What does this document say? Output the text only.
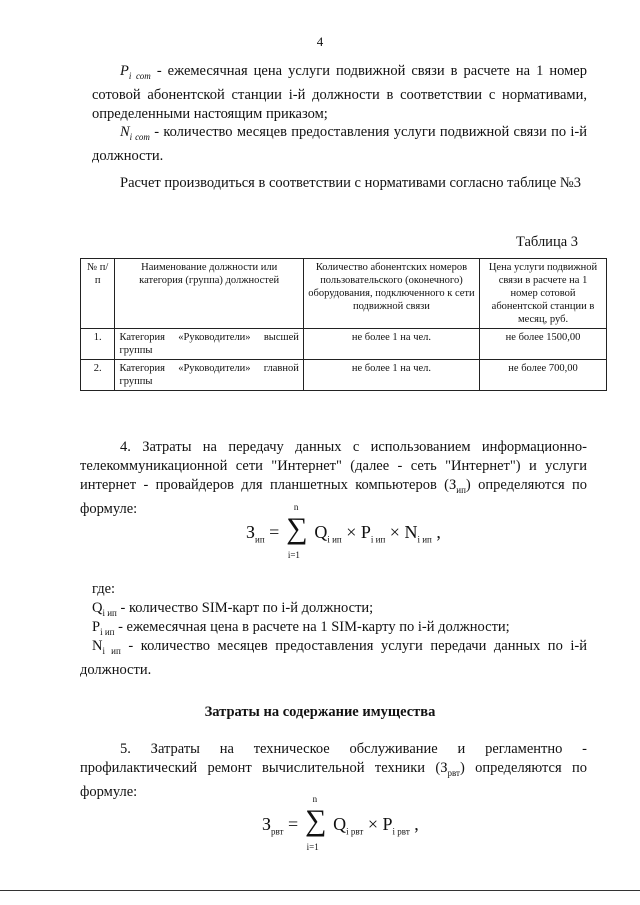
4
$P_{i сот}$ - ежемесячная цена услуги подвижной связи в расчете на 1 номер сотовой абонентской станции i-й должности в соответствии с нормативами, определенными настоящим приказом;
$N_{i сот}$ - количество месяцев предоставления услуги подвижной связи по i-й должности.
Расчет производиться в соответствии с нормативами согласно таблице №3
Таблица 3
№ п/п	Наименование должности или категория (группа) должностей	Количество абонентских номеров пользовательского (оконечного) оборудования, подключенного к сети подвижной связи	Цена услуги подвижной связи в расчете на 1 номер сотовой абонентской станции в месяц, руб.
1.	Категория «Руководители» высшей группы	не более 1 на чел.	не более 1500,00
2.	Категория «Руководители» главной группы	не более 1 на чел.	не более 700,00
4. Затраты на передачу данных с использованием информационно-телекоммуникационной сети "Интернет" (далее - сеть "Интернет") и услуги интернет - провайдеров для планшетных компьютеров $(З_{ип})$ определяются по формуле:
$З_{ип}$ =
n
∑
i=1
$Q_{i ип} \times P_{i ип} \times N_{i ип}$ ,
где:
$Q_{i ип}$ - количество SIM-карт по i-й должности;
$P_{i ип}$ - ежемесячная цена в расчете на 1 SIM-карту по i-й должности;
$N_{i ип}$ - количество месяцев предоставления услуги передачи данных по i-й должности.
Затраты на содержание имущества
5. Затраты на техническое обслуживание и регламентно - профилактический ремонт вычислительной техники $(З_{рвт})$ определяются по формуле:
$З_{рвт}$ =
n
∑
i=1
$Q_{i рвт} \times P_{i рвт}$ ,
